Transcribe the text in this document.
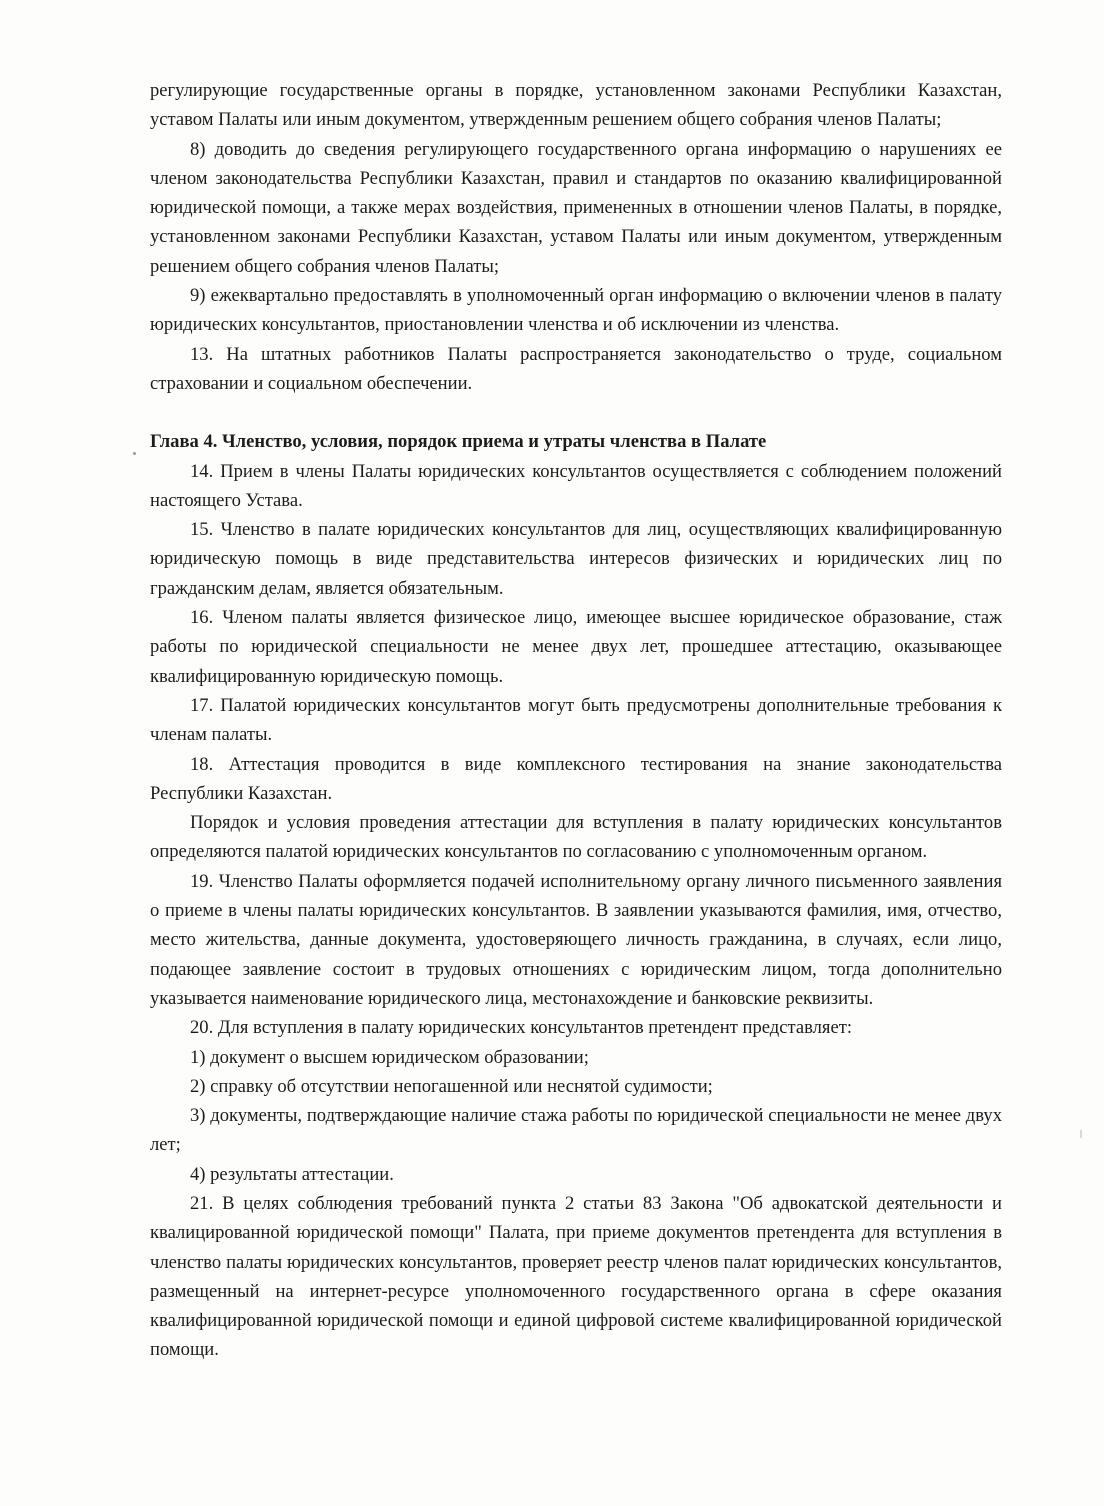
регулирующие государственные органы в порядке, установленном законами Республики Казахстан, уставом Палаты или иным документом, утвержденным решением общего собрания членов Палаты;

8) доводить до сведения регулирующего государственного органа информацию о нарушениях ее членом законодательства Республики Казахстан, правил и стандартов по оказанию квалифицированной юридической помощи, а также мерах воздействия, примененных в отношении членов Палаты, в порядке, установленном законами Республики Казахстан, уставом Палаты или иным документом, утвержденным решением общего собрания членов Палаты;

9) ежеквартально предоставлять в уполномоченный орган информацию о включении членов в палату юридических консультантов, приостановлении членства и об исключении из членства.

13. На штатных работников Палаты распространяется законодательство о труде, социальном страховании и социальном обеспечении.

Глава 4. Членство, условия, порядок приема и утраты членства в Палате

14. Прием в члены Палаты юридических консультантов осуществляется с соблюдением положений настоящего Устава.

15. Членство в палате юридических консультантов для лиц, осуществляющих квалифицированную юридическую помощь в виде представительства интересов физических и юридических лиц по гражданским делам, является обязательным.

16. Членом палаты является физическое лицо, имеющее высшее юридическое образование, стаж работы по юридической специальности не менее двух лет, прошедшее аттестацию, оказывающее квалифицированную юридическую помощь.

17. Палатой юридических консультантов могут быть предусмотрены дополнительные требования к членам палаты.

18. Аттестация проводится в виде комплексного тестирования на знание законодательства Республики Казахстан.

Порядок и условия проведения аттестации для вступления в палату юридических консультантов определяются палатой юридических консультантов по согласованию с уполномоченным органом.

19. Членство Палаты оформляется подачей исполнительному органу личного письменного заявления о приеме в члены палаты юридических консультантов. В заявлении указываются фамилия, имя, отчество, место жительства, данные документа, удостоверяющего личность гражданина, в случаях, если лицо, подающее заявление состоит в трудовых отношениях с юридическим лицом, тогда дополнительно указывается наименование юридического лица, местонахождение и банковские реквизиты.

20. Для вступления в палату юридических консультантов претендент представляет:

1) документ о высшем юридическом образовании;

2) справку об отсутствии непогашенной или неснятой судимости;

3) документы, подтверждающие наличие стажа работы по юридической специальности не менее двух лет;

4) результаты аттестации.

21. В целях соблюдения требований пункта 2 статьи 83 Закона "Об адвокатской деятельности и квалицированной юридической помощи" Палата, при приеме документов претендента для вступления в членство палаты юридических консультантов, проверяет реестр членов палат юридических консультантов, размещенный на интернет-ресурсе уполномоченного государственного органа в сфере оказания квалифицированной юридической помощи и единой цифровой системе квалифицированной юридической помощи.
